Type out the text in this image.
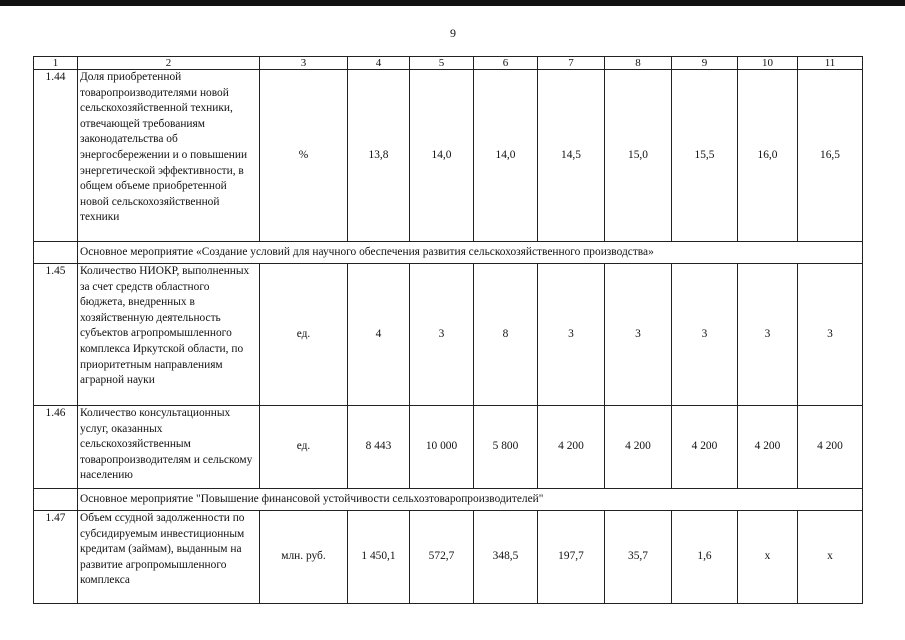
9
1	2	3	4	5	6	7	8	9	10	11
1.44	Доля приобретенной товаропроизводителями новой сельскохозяйственной техники, отвечающей требованиям законодательства об энергосбережении и о повышении энергетической эффективности, в общем объеме приобретенной новой сельскохозяйственной техники	%	13,8	14,0	14,0	14,5	15,0	15,5	16,0	16,5
	Основное мероприятие «Создание условий для научного обеспечения развития сельскохозяйственного производства»									
1.45	Количество НИОКР, выполненных за счет средств областного бюджета, внедренных в хозяйственную деятельность субъектов агропромышленного комплекса Иркутской области, по приоритетным направлениям аграрной науки	ед.	4	3	8	3	3	3	3	3
1.46	Количество консультационных услуг, оказанных сельскохозяйственным товаропроизводителям и сельскому населению	ед.	8 443	10 000	5 800	4 200	4 200	4 200	4 200	4 200
	Основное мероприятие "Повышение финансовой устойчивости сельхозтоваропроизводителей"									
1.47	Объем ссудной задолженности по субсидируемым инвестиционным кредитам (займам), выданным на развитие агропромышленного комплекса	млн. руб.	1 450,1	572,7	348,5	197,7	35,7	1,6	x	x
